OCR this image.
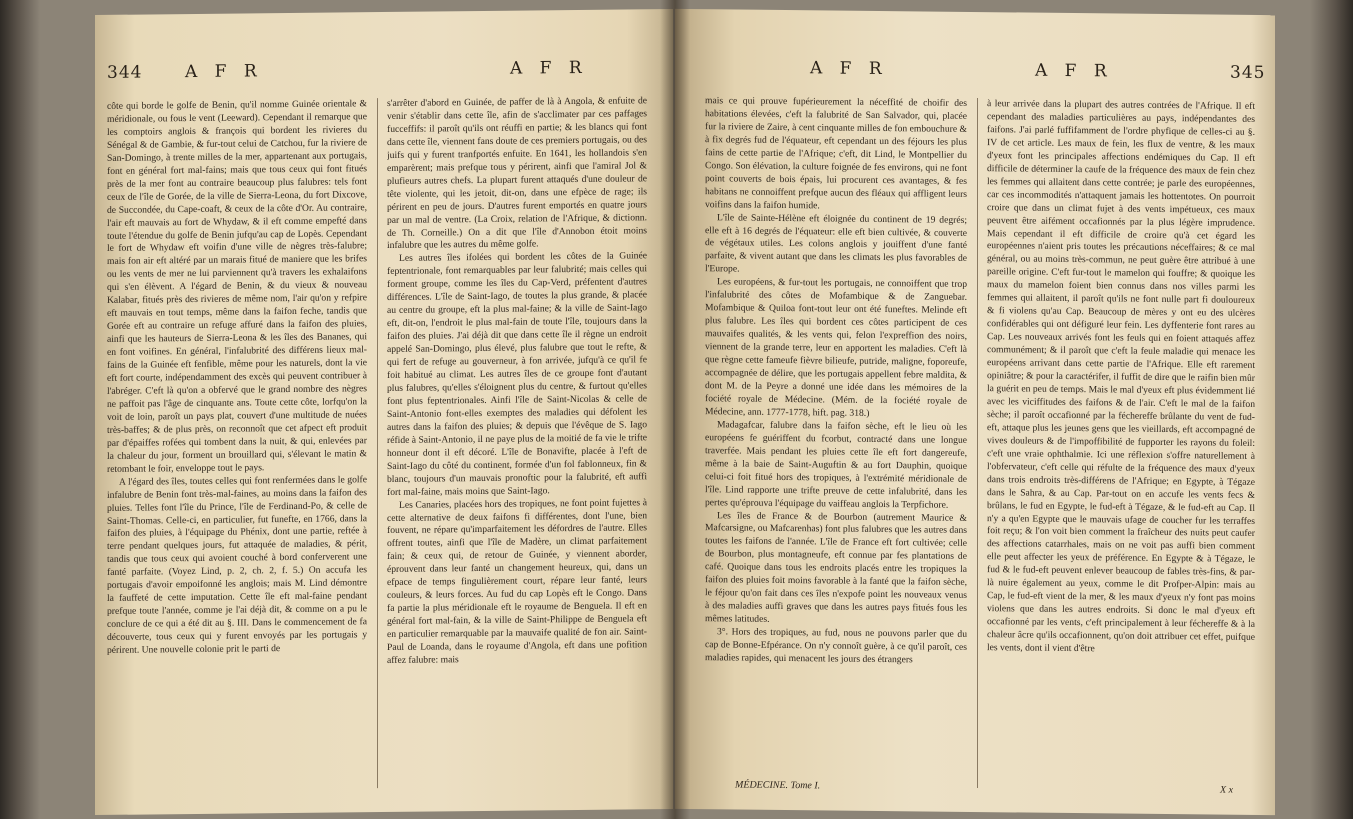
344	A F R	A F R

côte qui borde le golfe de Benin, qu'il nomme Guinée orientale & méridionale, ou fous le vent (Leeward). Cependant il remarque que les comptoirs anglois & françois qui bordent les rivieres du Sénégal & de Gambie, & fur-tout celui de Catchou, fur la riviere de San-Domingo, à trente milles de la mer, appartenant aux portugais, font en général fort mal-fains; mais que tous ceux qui font fitués près de la mer font au contraire beaucoup plus falubres: tels font ceux de l'île de Gorée, de la ville de Sierra-Leona, du fort Dixcove, de Succondée, du Cape-coaft, & ceux de la côte d'Or. Au contraire, l'air eft mauvais au fort de Whydaw, & il eft comme empefté dans toute l'étendue du golfe de Benin jufqu'au cap de Lopès. Cependant le fort de Whydaw eft voifin d'une ville de nègres très-falubre; mais fon air eft altéré par un marais fitué de maniere que les brifes ou les vents de mer ne lui parviennent qu'à travers les exhalaifons qui s'en élèvent. A l'égard de Benin, & du vieux & nouveau Kalabar, fitués près des rivieres de même nom, l'air qu'on y refpire eft mauvais en tout temps, même dans la faifon feche, tandis que Gorée eft au contraire un refuge affuré dans la faifon des pluies, ainfi que les hauteurs de Sierra-Leona & les îles des Bananes, qui en font voifines. En général, l'infalubrité des différens lieux mal-fains de la Guinée eft fenfible, même pour les naturels, dont la vie eft fort courte, indépendamment des excès qui peuvent contribuer à l'abréger. C'eft là qu'on a obfervé que le grand nombre des nègres ne paffoit pas l'âge de cinquante ans. Toute cette côte, lorfqu'on la voit de loin, paroît un pays plat, couvert d'une multitude de nuées très-baffes; & de plus près, on reconnoît que cet afpect eft produit par d'épaiffes rofées qui tombent dans la nuit, & qui, enlevées par la chaleur du jour, forment un brouillard qui, s'élevant le matin & retombant le foir, enveloppe tout le pays.

A l'égard des îles, toutes celles qui font renfermées dans le golfe infalubre de Benin font très-mal-faines, au moins dans la faifon des pluies. Telles font l'île du Prince, l'île de Ferdinand-Po, & celle de Saint-Thomas. Celle-ci, en particulier, fut funefte, en 1766, dans la faifon des pluies, à l'équipage du Phénix, dont une partie, reftée à terre pendant quelques jours, fut attaquée de maladies, & périt, tandis que tous ceux qui avoient couché à bord conferverent une fanté parfaite. (Voyez Lind, p. 2, ch. 2, f. 5.) On accufa les portugais d'avoir empoifonné les anglois; mais M. Lind démontre la fauffeté de cette imputation. Cette île eft mal-faine pendant prefque toute l'année, comme je l'ai déjà dit, & comme on a pu le conclure de ce qui a été dit au §. III. Dans le commencement de fa découverte, tous ceux qui y furent envoyés par les portugais y périrent. Une nouvelle colonie prit le parti de

s'arrêter d'abord en Guinée, de paffer de là à Angola, & enfuite de venir s'établir dans cette île, afin de s'acclimater par ces paffages fucceffifs: il paroît qu'ils ont réuffi en partie; & les blancs qui font dans cette île, viennent fans doute de ces premiers portugais, ou des juifs qui y furent tranfportés enfuite. En 1641, les hollandois s'en emparèrent; mais prefque tous y périrent, ainfi que l'amiral Jol & plufieurs autres chefs. La plupart furent attaqués d'une douleur de tête violente, qui les jetoit, dit-on, dans une efpèce de rage; ils périrent en peu de jours. D'autres furent emportés en quatre jours par un mal de ventre. (La Croix, relation de l'Afrique, & dictionn. de Th. Corneille.) On a dit que l'île d'Annobon étoit moins infalubre que les autres du même golfe.

Les autres îles ifolées qui bordent les côtes de la Guinée feptentrionale, font remarquables par leur falubrité; mais celles qui forment groupe, comme les îles du Cap-Verd, préfentent d'autres différences. L'île de Saint-Iago, de toutes la plus grande, & placée au centre du groupe, eft la plus mal-faine; & la ville de Saint-Iago eft, dit-on, l'endroit le plus mal-fain de toute l'île, toujours dans la faifon des pluies. J'ai déjà dit que dans cette île il règne un endroit appelé San-Domingo, plus élevé, plus falubre que tout le refte, & qui fert de refuge au gouverneur, à fon arrivée, jufqu'à ce qu'il fe foit habitué au climat. Les autres îles de ce groupe font d'autant plus falubres, qu'elles s'éloignent plus du centre, & furtout qu'elles font plus feptentrionales. Ainfi l'île de Saint-Nicolas & celle de Saint-Antonio font-elles exemptes des maladies qui défolent les autres dans la faifon des pluies; & depuis que l'évêque de S. Iago réfide à Saint-Antonio, il ne paye plus de la moitié de fa vie le trifte honneur dont il eft décoré. L'île de Bonavifte, placée à l'eft de Saint-Iago du côté du continent, formée d'un fol fablonneux, fin & blanc, toujours d'un mauvais pronoftic pour la falubrité, eft auffi fort mal-faine, mais moins que Saint-Iago.

Les Canaries, placées hors des tropiques, ne font point fujettes à cette alternative de deux faifons fi différentes, dont l'une, bien fouvent, ne répare qu'imparfaitement les défordres de l'autre. Elles offrent toutes, ainfi que l'île de Madère, un climat parfaitement fain; & ceux qui, de retour de Guinée, y viennent aborder, éprouvent dans leur fanté un changement heureux, qui, dans un efpace de temps fingulièrement court, répare leur fanté, leurs couleurs, & leurs forces. Au fud du cap Lopès eft le Congo. Dans fa partie la plus méridionale eft le royaume de Benguela. Il eft en général fort mal-fain, & la ville de Saint-Philippe de Benguela eft en particulier remarquable par la mauvaife qualité de fon air. Saint-Paul de Loanda, dans le royaume d'Angola, eft dans une pofition affez falubre: mais

A F R	A F R	345

mais ce qui prouve fupérieurement la néceffité de choifir des habitations élevées, c'eft la falubrité de San Salvador, qui, placée fur la riviere de Zaire, à cent cinquante milles de fon embouchure & à fix degrés fud de l'équateur, eft cependant un des féjours les plus fains de cette partie de l'Afrique; c'eft, dit Lind, le Montpellier du Congo. Son élévation, la culture foignée de fes environs, qui ne font point couverts de bois épais, lui procurent ces avantages, & fes habitans ne connoiffent prefque aucun des fléaux qui affligent leurs voifins dans la faifon humide.

L'île de Sainte-Hélène eft éloignée du continent de 19 degrés; elle eft à 16 degrés de l'équateur: elle eft bien cultivée, & couverte de végétaux utiles. Les colons anglois y jouiffent d'une fanté parfaite, & vivent autant que dans les climats les plus favorables de l'Europe.

Les européens, & fur-tout les portugais, ne connoiffent que trop l'infalubrité des côtes de Mofambique & de Zanguebar. Mofambique & Quiloa font-tout leur ont été funeftes. Melinde eft plus falubre. Les îles qui bordent ces côtes participent de ces mauvaifes qualités, & les vents qui, felon l'expreffion des noirs, viennent de la grande terre, leur en apportent les maladies. C'eft là que règne cette fameufe fièvre bilieufe, putride, maligne, foporeufe, accompagnée de délire, que les portugais appellent febre maldita, & dont M. de la Peyre a donné une idée dans les mémoires de la fociété royale de Médecine. (Mém. de la fociété royale de Médecine, ann. 1777-1778, hift. pag. 318.)

Madagafcar, falubre dans la faifon sèche, eft le lieu où les européens fe guériffent du fcorbut, contracté dans une longue traverfée. Mais pendant les pluies cette île eft fort dangereufe, même à la baie de Saint-Auguftin & au fort Dauphin, quoique celui-ci foit fitué hors des tropiques, à l'extrémité méridionale de l'île. Lind rapporte une trifte preuve de cette infalubrité, dans les pertes qu'éprouva l'équipage du vaiffeau anglois la Terpfichore.

Les îles de France & de Bourbon (autrement Maurice & Mafcarsigne, ou Mafcarenhas) font plus falubres que les autres dans toutes les faifons de l'année. L'île de France eft fort cultivée; celle de Bourbon, plus montagneufe, eft connue par fes plantations de café. Quoique dans tous les endroits placés entre les tropiques la faifon des pluies foit moins favorable à la fanté que la faifon sèche, le féjour qu'on fait dans ces îles n'expofe point les nouveaux venus à des maladies auffi graves que dans les autres pays fitués fous les mêmes latitudes.

3°. Hors des tropiques, au fud, nous ne pouvons parler que du cap de Bonne-Efpérance. On n'y connoît guère, à ce qu'il paroît, ces maladies rapides, qui menacent les jours des étrangers

à leur arrivée dans la plupart des autres contrées de l'Afrique. Il eft cependant des maladies particulières au pays, indépendantes des faifons. J'ai parlé fuffifamment de l'ordre phyfique de celles-ci au §. IV de cet article. Les maux de fein, les flux de ventre, & les maux d'yeux font les principales affections endémiques du Cap. Il eft difficile de déterminer la caufe de la fréquence des maux de fein chez les femmes qui allaitent dans cette contrée; je parle des européennes, car ces incommodités n'attaquent jamais les hottentotes. On pourroit croire que dans un climat fujet à des vents impétueux, ces maux peuvent être aifément occafionnés par la plus légère imprudence. Mais cependant il eft difficile de croire qu'à cet égard les européennes n'aient pris toutes les précautions néceffaires; & ce mal général, ou au moins très-commun, ne peut guère être attribué à une pareille origine. C'eft fur-tout le mamelon qui fouffre; & quoique les maux du mamelon foient bien connus dans nos villes parmi les femmes qui allaitent, il paroît qu'ils ne font nulle part fi douloureux & fi violens qu'au Cap. Beaucoup de mères y ont eu des ulcères confidérables qui ont défiguré leur fein. Les dyffenterie font rares au Cap. Les nouveaux arrivés font les feuls qui en foient attaqués affez communément; & il paroît que c'eft la feule maladie qui menace les européens arrivant dans cette partie de l'Afrique. Elle eft rarement opiniâtre; & pour la caractérifer, il fuffit de dire que le raifin bien mûr la guérit en peu de temps. Mais le mal d'yeux eft plus évidemment lié avec les viciffitudes des faifons & de l'air. C'eft le mal de la faifon sèche; il paroît occafionné par la féchereffe brûlante du vent de fud-eft, attaque plus les jeunes gens que les vieillards, eft accompagné de vives douleurs & de l'impoffibilité de fupporter les rayons du foleil: c'eft une vraie ophthalmie. Ici une réflexion s'offre naturellement à l'obfervateur, c'eft celle qui réfulte de la fréquence des maux d'yeux dans trois endroits très-différens de l'Afrique; en Egypte, à Tégaze dans le Sahra, & au Cap. Par-tout on en accufe les vents fecs & brûlans, le fud en Egypte, le fud-eft à Tégaze, & le fud-eft au Cap. Il n'y a qu'en Egypte que le mauvais ufage de coucher fur les terraffes foit reçu; & l'on voit bien comment la fraîcheur des nuits peut caufer des affections catarrhales, mais on ne voit pas auffi bien comment elle peut affecter les yeux de préférence. En Egypte & à Tégaze, le fud & le fud-eft peuvent enlever beaucoup de fables très-fins, & par-là nuire également au yeux, comme le dit Profper-Alpin: mais au Cap, le fud-eft vient de la mer, & les maux d'yeux n'y font pas moins violens que dans les autres endroits. Si donc le mal d'yeux eft occafionné par les vents, c'eft principalement à leur féchereffe & à la chaleur âcre qu'ils occafionnent, qu'on doit attribuer cet effet, puifque les vents, dont il vient d'être

MÉDECINE. Tome I.	X x
